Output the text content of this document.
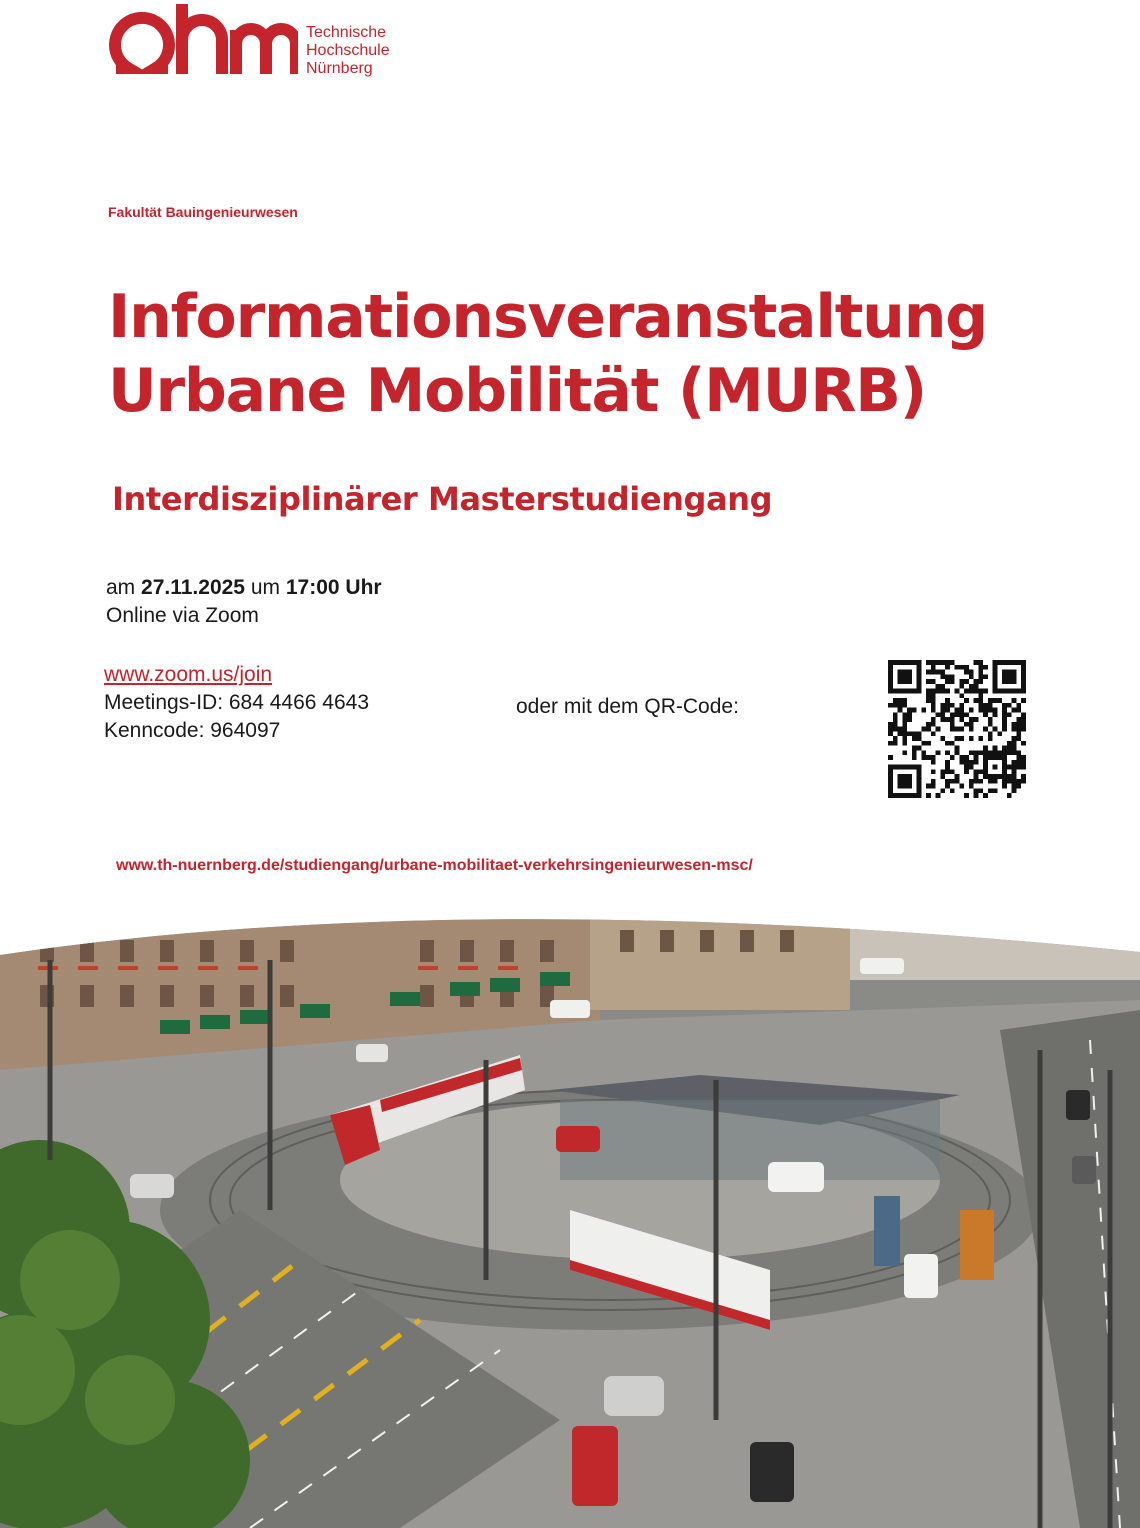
Technische
Hochschule
Nürnberg
Fakultät Bauingenieurwesen
Informationsveranstaltung
Urbane Mobilität (MURB)
Interdisziplinärer Masterstudiengang
am 27.11.2025 um 17:00 Uhr
Online via Zoom
www.zoom.us/join
Meetings-ID: 684 4466 4643
Kenncode: 964097
oder mit dem QR-Code:
www.th-nuernberg.de/studiengang/urbane-mobilitaet-verkehrsingenieurwesen-msc/
